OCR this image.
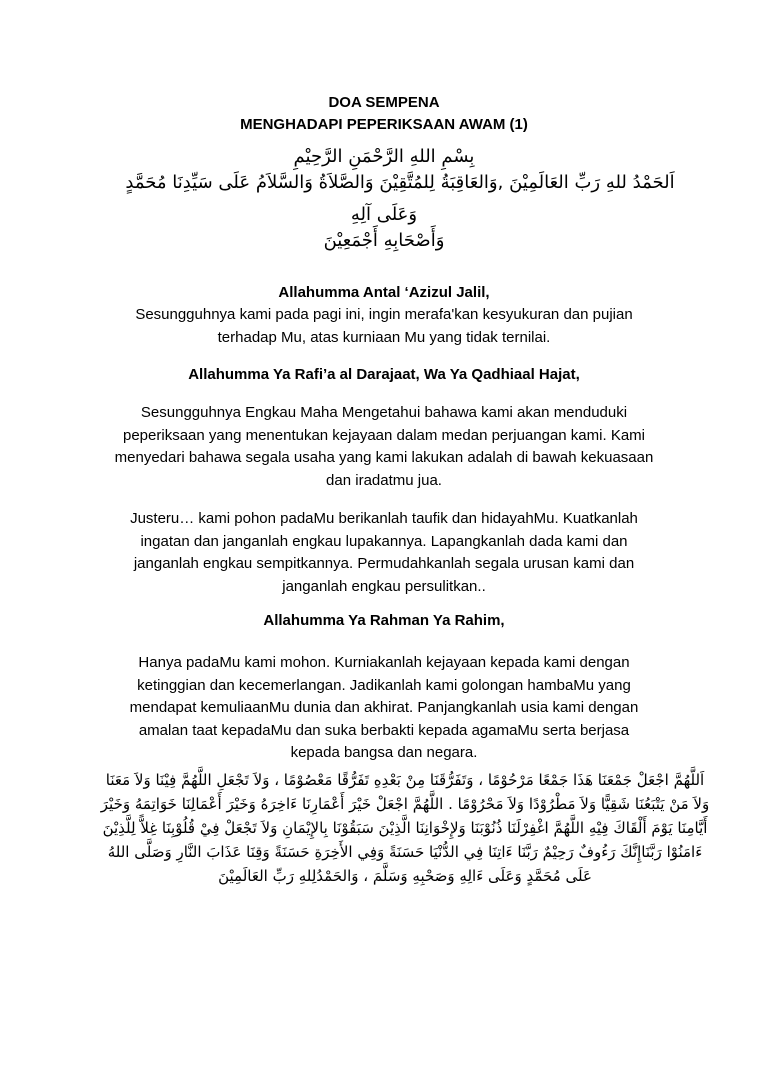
DOA SEMPENA
MENGHADAPI PEPERIKSAAN AWAM (1)
بِسْمِ اللهِ الرَّحْمَنِ الرَّحِيْمِ
اَلحَمْدُ للهِ رَبِّ العَالَمِيْنَ ,وَالعَاقِبَةُ لِلمُتَّقِيْنَ وَالصَّلاَةُ وَالسَّلاَمُ عَلَى سَيِّدِنَا مُحَمَّدٍ
وَعَلَى آلِهِ
وَأَصْحَابِهِ أَجْمَعِيْنَ
Allahumma Antal ‘Azizul Jalil,
Sesungguhnya kami pada pagi ini, ingin merafa'kan kesyukuran dan pujian terhadap Mu, atas kurniaan Mu yang tidak ternilai.
Allahumma Ya Rafi’a al Darajaat, Wa Ya Qadhiaal Hajat,
Sesungguhnya Engkau Maha Mengetahui bahawa kami akan menduduki peperiksaan yang menentukan kejayaan dalam medan perjuangan kami. Kami menyedari bahawa segala usaha yang kami lakukan adalah di bawah kekuasaan dan iradatmu jua.
Justeru… kami pohon padaMu berikanlah taufik dan hidayahMu. Kuatkanlah ingatan dan janganlah engkau lupakannya. Lapangkanlah dada kami dan janganlah engkau sempitkannya. Permudahkanlah segala urusan kami dan janganlah engkau persulitkan..
Allahumma Ya Rahman Ya Rahim,
Hanya padaMu kami mohon. Kurniakanlah kejayaan kepada kami dengan ketinggian dan kecemerlangan. Jadikanlah kami golongan hambaMu yang mendapat kemuliaanMu dunia dan akhirat. Panjangkanlah usia kami dengan amalan taat kepadaMu dan suka berbakti kepada agamaMu serta berjasa kepada bangsa dan negara.
اَللَّهُمَّ اجْعَلْ جَمْعَنَا هَذَا جَمْعًا مَرْحُوْمًا ، وَتَفَرُّقَنَا مِنْ بَعْدِهِ تَفَرُّقًا مَعْصُوْمًا ، وَلاَ تَجْعَلِ اللَّهُمَّ فِيْنَا وَلاَ مَعَنَا وَلاَ مَنْ يَتْبَعُنَا شَقِيًّا وَلاَ مَطْرُوْدًا وَلاَ مَحْرُوْمًا . اللَّهُمَّ اجْعَلْ خَيْرَ أَعْمَارِنَا ءَاخِرَهُ وَخَيْرَ أَعْمَالِنَا خَوَاتِمَهُ وَخَيْرَ أَيَّامِنَا يَوْمَ أَلْقَاكَ فِيْهِ اللَّهُمَّ اغْفِرْلَنَا ذُنُوْبَنَا وَلإِخْوَانِنَا الَّذِيْنَ سَبَقُوْنَا بِالإِيْمَانِ وَلاَ تَجْعَلْ فِيْ قُلُوْبِنَا غِلاًّ لِلَّذِيْنَ ءَامَنُوْا رَبَّنَاإِنَّكَ رَءُوفٌ رَحِيْمٌ رَبَّنَا ءَاتِنَا فِي الدُّنْيَا حَسَنَةً وَفِي الأَخِرَةِ حَسَنَةً وَقِنَا عَذَابَ النَّارِ وَصَلَّى اللهُ عَلَى مُحَمَّدٍ وَعَلَى ءَالِهِ وَصَحْبِهِ وَسَلَّمَ ، وَالحَمْدُلِلهِ رَبِّ العَالَمِيْنَ
